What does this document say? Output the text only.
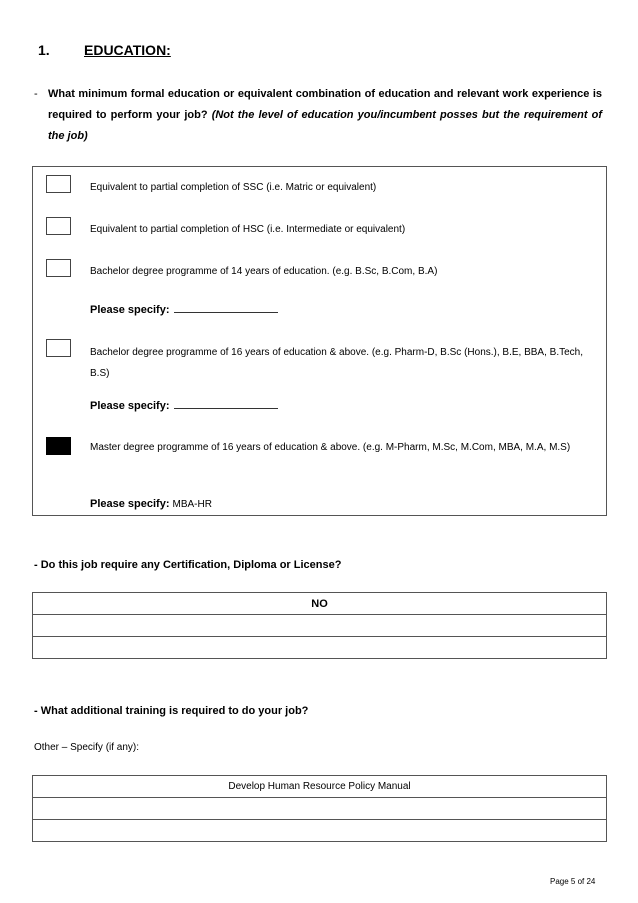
1. EDUCATION:
- What minimum formal education or equivalent combination of education and relevant work experience is required to perform your job? (Not the level of education you/incumbent posses but the requirement of the job)
Equivalent to partial completion of SSC (i.e. Matric or equivalent)
Equivalent to partial completion of HSC (i.e. Intermediate or equivalent)
Bachelor degree programme of 14 years of education. (e.g. B.Sc, B.Com, B.A)
Please specify:
Bachelor degree programme of 16 years of education & above. (e.g. Pharm-D, B.Sc (Hons.), B.E, BBA, B.Tech, B.S)
Please specify:
Master degree programme of 16 years of education & above. (e.g. M-Pharm, M.Sc, M.Com, MBA, M.A, M.S)
Please specify: MBA-HR
- Do this job require any Certification, Diploma or License?
NO

- What additional training is required to do your job?
Other – Specify (if any):
Develop Human Resource Policy Manual

Page 5 of 24
